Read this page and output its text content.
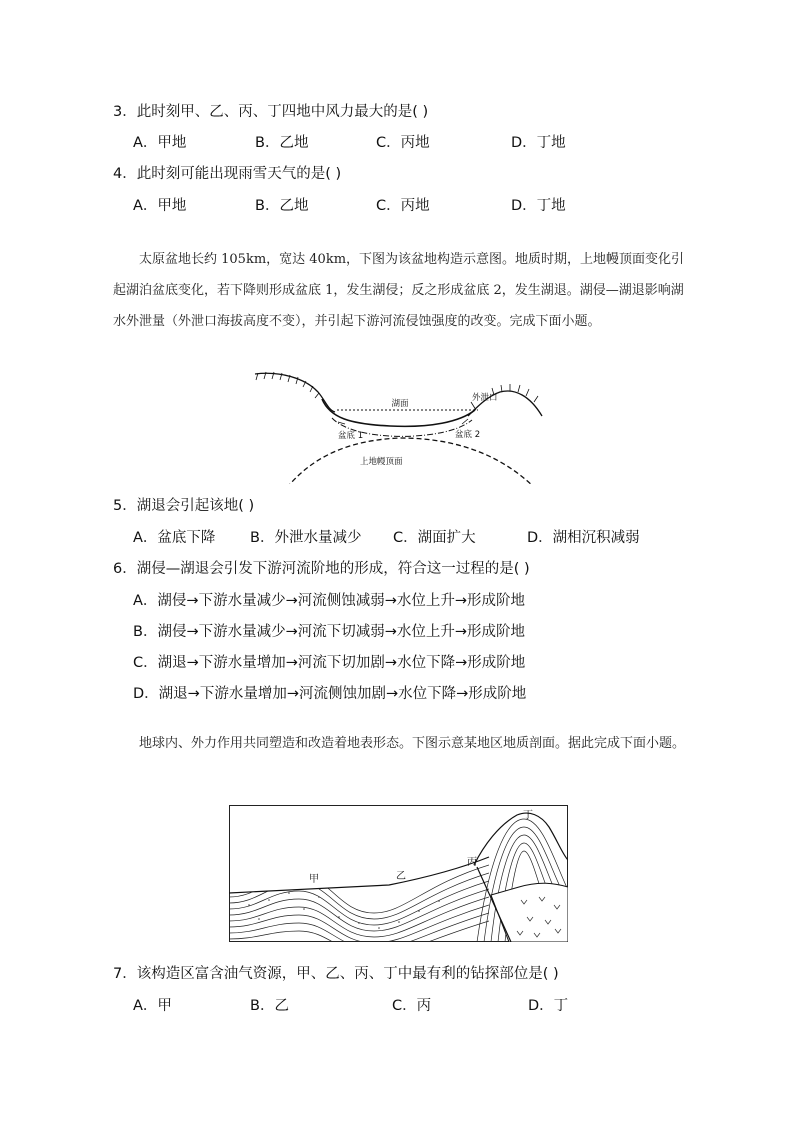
3．此时刻甲、乙、丙、丁四地中风力最大的是( )
A．甲地	B．乙地	C．丙地	D．丁地
4．此时刻可能出现雨雪天气的是( )
A．甲地	B．乙地	C．丙地	D．丁地

太原盆地长约 105km，宽达 40km，下图为该盆地构造示意图。地质时期，上地幔顶面变化引起湖泊盆底变化，若下降则形成盆底 1，发生湖侵；反之形成盆底 2，发生湖退。湖侵—湖退影响湖水外泄量（外泄口海拔高度不变），并引起下游河流侵蚀强度的改变。完成下面小题。

湖面
外泄口
盆底 1	盆底 2
上地幔顶面
5．湖退会引起该地( )
A．盆底下降 B．外泄水量减少 C．湖面扩大	D．湖相沉积减弱
6．湖侵—湖退会引发下游河流阶地的形成，符合这一过程的是( )
A．湖侵→下游水量减少→河流侧蚀减弱→水位上升→形成阶地
B．湖侵→下游水量减少→河流下切减弱→水位上升→形成阶地
C．湖退→下游水量增加→河流下切加剧→水位下降→形成阶地
D．湖退→下游水量增加→河流侧蚀加剧→水位下降→形成阶地

地球内、外力作用共同塑造和改造着地表形态。下图示意某地区地质剖面。据此完成下面小题。

甲	乙
丙
丁
7．该构造区富含油气资源，甲、乙、丙、丁中最有利的钻探部位是( )
A．甲	B．乙	C．丙	D．丁
